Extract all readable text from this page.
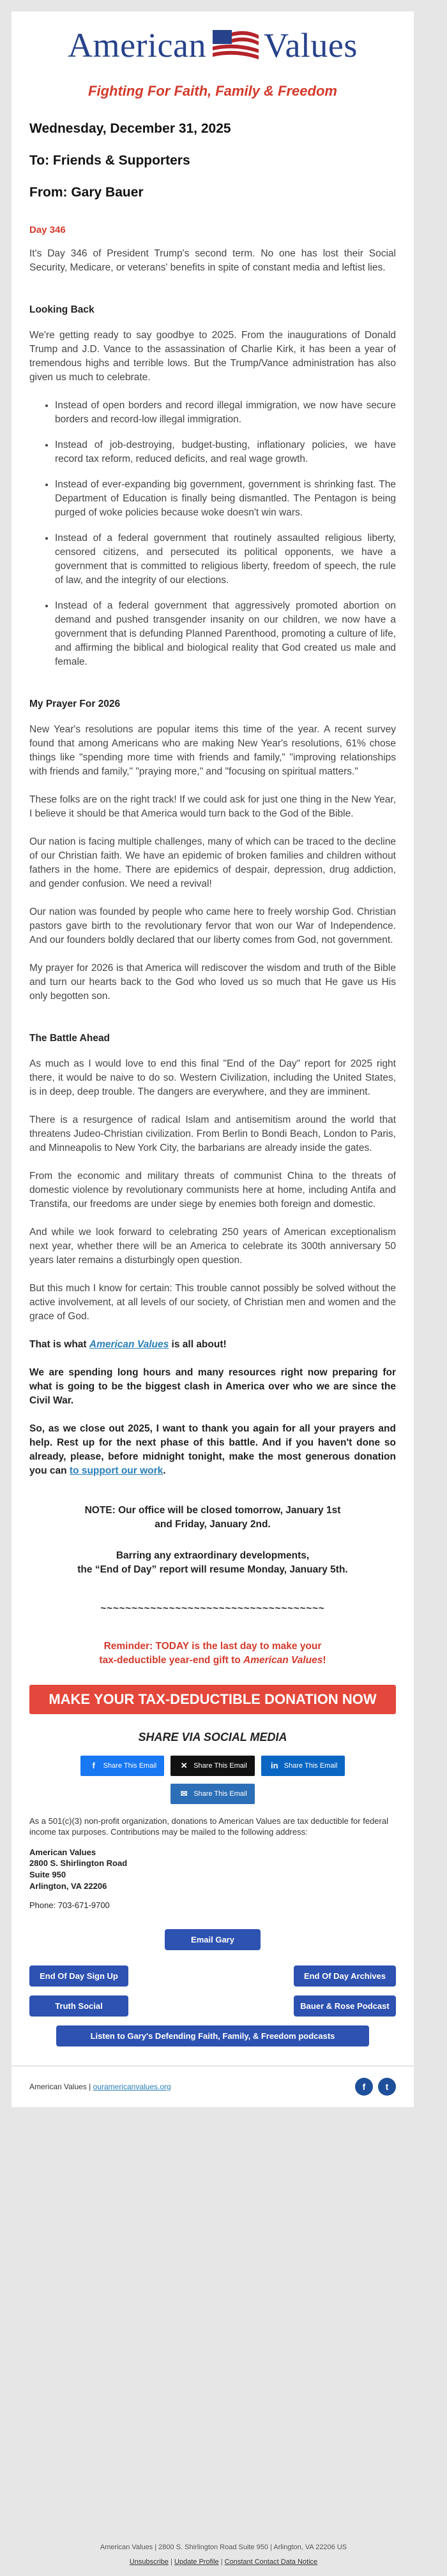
American Values
Fighting For Faith, Family & Freedom
Wednesday, December 31, 2025
To: Friends & Supporters
From: Gary Bauer
Day 346

It's Day 346 of President Trump's second term. No one has lost their Social Security, Medicare, or veterans' benefits in spite of constant media and leftist lies.

Looking Back

We're getting ready to say goodbye to 2025. From the inaugurations of Donald Trump and J.D. Vance to the assassination of Charlie Kirk, it has been a year of tremendous highs and terrible lows. But the Trump/Vance administration has also given us much to celebrate.

• Instead of open borders and record illegal immigration, we now have secure borders and record-low illegal immigration.
• Instead of job-destroying, budget-busting, inflationary policies, we have record tax reform, reduced deficits, and real wage growth.
• Instead of ever-expanding big government, government is shrinking fast. The Department of Education is finally being dismantled. The Pentagon is being purged of woke policies because woke doesn't win wars.
• Instead of a federal government that routinely assaulted religious liberty, censored citizens, and persecuted its political opponents, we have a government that is committed to religious liberty, freedom of speech, the rule of law, and the integrity of our elections.
• Instead of a federal government that aggressively promoted abortion on demand and pushed transgender insanity on our children, we now have a government that is defunding Planned Parenthood, promoting a culture of life, and affirming the biblical and biological reality that God created us male and female.
My Prayer For 2026

New Year's resolutions are popular items this time of the year. A recent survey found that among Americans who are making New Year's resolutions, 61% chose things like "spending more time with friends and family," "improving relationships with friends and family," "praying more," and "focusing on spiritual matters."

These folks are on the right track! If we could ask for just one thing in the New Year, I believe it should be that America would turn back to the God of the Bible.

Our nation is facing multiple challenges, many of which can be traced to the decline of our Christian faith. We have an epidemic of broken families and children without fathers in the home. There are epidemics of despair, depression, drug addiction, and gender confusion. We need a revival!

Our nation was founded by people who came here to freely worship God. Christian pastors gave birth to the revolutionary fervor that won our War of Independence. And our founders boldly declared that our liberty comes from God, not government.

My prayer for 2026 is that America will rediscover the wisdom and truth of the Bible and turn our hearts back to the God who loved us so much that He gave us His only begotten son.

The Battle Ahead

As much as I would love to end this final "End of the Day" report for 2025 right there, it would be naive to do so. Western Civilization, including the United States, is in deep, deep trouble. The dangers are everywhere, and they are imminent.

There is a resurgence of radical Islam and antisemitism around the world that threatens Judeo-Christian civilization. From Berlin to Bondi Beach, London to Paris, and Minneapolis to New York City, the barbarians are already inside the gates.

From the economic and military threats of communist China to the threats of domestic violence by revolutionary communists here at home, including Antifa and Transtifa, our freedoms are under siege by enemies both foreign and domestic.

And while we look forward to celebrating 250 years of American exceptionalism next year, whether there will be an America to celebrate its 300th anniversary 50 years later remains a disturbingly open question.

But this much I know for certain: This trouble cannot possibly be solved without the active involvement, at all levels of our society, of Christian men and women and the grace of God.

That is what American Values is all about!

We are spending long hours and many resources right now preparing for what is going to be the biggest clash in America over who we are since the Civil War.

So, as we close out 2025, I want to thank you again for all your prayers and help. Rest up for the next phase of this battle. And if you haven't done so already, please, before midnight tonight, make the most generous donation you can to support our work.

NOTE: Our office will be closed tomorrow, January 1st
and Friday, January 2nd.
Barring any extraordinary developments,
the “End of Day” report will resume Monday, January 5th.
~~~~~~~~~~~~~~~~~~~~~~~~~~~~~~~~~~~~
Reminder: TODAY is the last day to make your
tax-deductible year-end gift to American Values!
MAKE YOUR TAX-DEDUCTIBLE DONATION NOW
SHARE VIA SOCIAL MEDIA
f	Share This Email	✕ Share This Email	in Share This Email
✉ Share This Email
As a 501(c)(3) non-profit organization, donations to American Values are tax deductible for federal income tax purposes. Contributions may be mailed to the following address:
American Values
2800 S. Shirlington Road
Suite 950
Arlington, VA 22206
Phone: 703-671-9700
Email Gary
End Of Day Sign Up	End Of Day Archives
Truth Social	Bauer & Rose Podcast
Listen to Gary's Defending Faith, Family, & Freedom podcasts
American Values | ouramericanvalues.org	f	t
American Values | 2800 S. Shirlington Road Suite 950 | Arlington, VA 22206 US
Unsubscribe | Update Profile | Constant Contact Data Notice
